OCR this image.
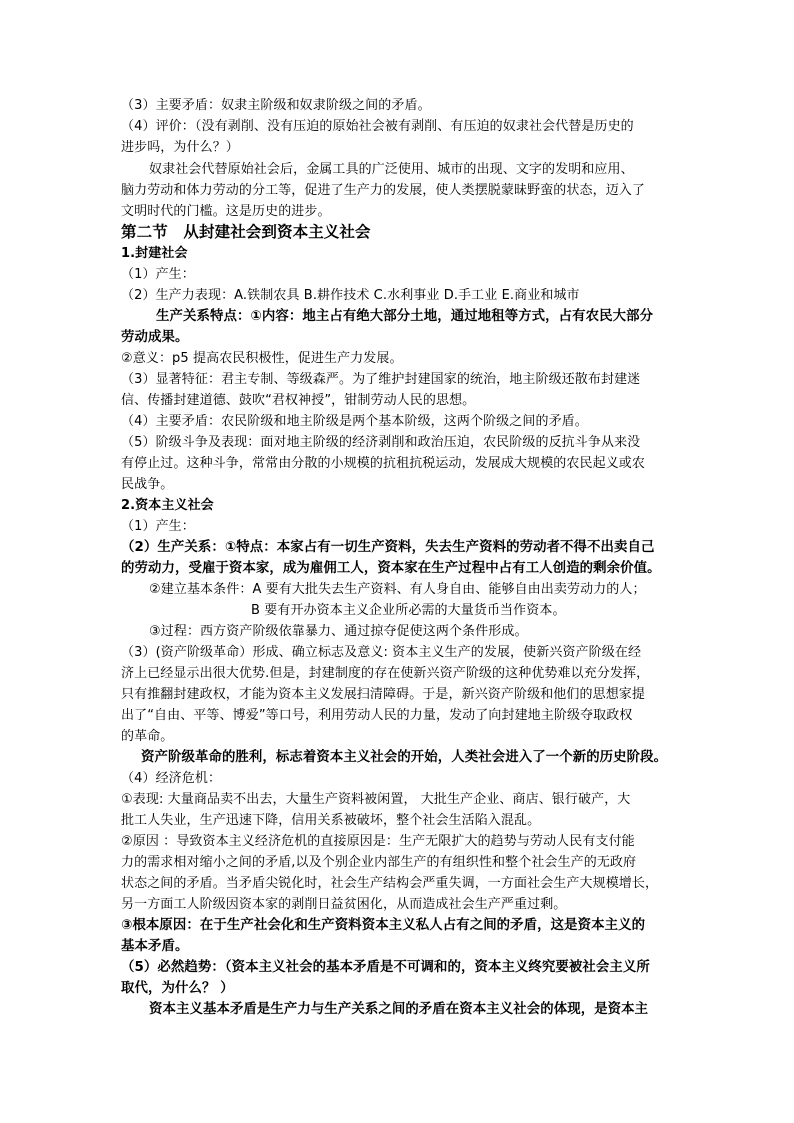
（3）主要矛盾：奴隶主阶级和奴隶阶级之间的矛盾。
（4）评价：（没有剥削、没有压迫的原始社会被有剥削、有压迫的奴隶社会代替是历史的
进步吗，为什么？）
奴隶社会代替原始社会后，金属工具的广泛使用、城市的出现、文字的发明和应用、
脑力劳动和体力劳动的分工等，促进了生产力的发展，使人类摆脱蒙昧野蛮的状态，迈入了
文明时代的门槛。这是历史的进步。
第二节　从封建社会到资本主义社会
1.封建社会
（1）产生：
（2）生产力表现：A.铁制农具 B.耕作技术 C.水利事业 D.手工业 E.商业和城市
生产关系特点：①内容：地主占有绝大部分土地，通过地租等方式，占有农民大部分
劳动成果。
②意义：p5 提高农民积极性，促进生产力发展。
（3）显著特征：君主专制、等级森严。为了维护封建国家的统治，地主阶级还散布封建迷
信、传播封建道德、鼓吹“君权神授”，钳制劳动人民的思想。
（4）主要矛盾：农民阶级和地主阶级是两个基本阶级，这两个阶级之间的矛盾。
（5）阶级斗争及表现：面对地主阶级的经济剥削和政治压迫，农民阶级的反抗斗争从来没
有停止过。这种斗争，常常由分散的小规模的抗租抗税运动，发展成大规模的农民起义或农
民战争。
2.资本主义社会
（1）产生：
（2）生产关系：①特点：本家占有一切生产资料，失去生产资料的劳动者不得不出卖自己
的劳动力，受雇于资本家，成为雇佣工人，资本家在生产过程中占有工人创造的剩余价值。
②建立基本条件：A 要有大批失去生产资料、有人身自由、能够自由出卖劳动力的人；
B 要有开办资本主义企业所必需的大量货币当作资本。
③过程：西方资产阶级依靠暴力、通过掠夺促使这两个条件形成。
（3）(资产阶级革命）形成、确立标志及意义: 资本主义生产的发展，使新兴资产阶级在经
济上已经显示出很大优势.但是，封建制度的存在使新兴资产阶级的这种优势难以充分发挥，
只有推翻封建政权，才能为资本主义发展扫清障碍。于是，新兴资产阶级和他们的思想家提
出了“自由、平等、博爱”等口号，利用劳动人民的力量，发动了向封建地主阶级夺取政权
的革命。
资产阶级革命的胜利，标志着资本主义社会的开始，人类社会进入了一个新的历史阶段。
（4）经济危机：
①表现: 大量商品卖不出去，大量生产资料被闲置， 大批生产企业、商店、银行破产，大
批工人失业，生产迅速下降，信用关系被破坏，整个社会生活陷入混乱。
②原因 ：导致资本主义经济危机的直接原因是：生产无限扩大的趋势与劳动人民有支付能
力的需求相对缩小之间的矛盾,以及个别企业内部生产的有组织性和整个社会生产的无政府
状态之间的矛盾。当矛盾尖锐化时，社会生产结构会严重失调，一方面社会生产大规模增长，
另一方面工人阶级因资本家的剥削日益贫困化，从而造成社会生产严重过剩。
③根本原因：在于生产社会化和生产资料资本主义私人占有之间的矛盾，这是资本主义的
基本矛盾。
（5）必然趋势：（资本主义社会的基本矛盾是不可调和的，资本主义终究要被社会主义所
取代，为什么？ ）
资本主义基本矛盾是生产力与生产关系之间的矛盾在资本主义社会的体现，是资本主
